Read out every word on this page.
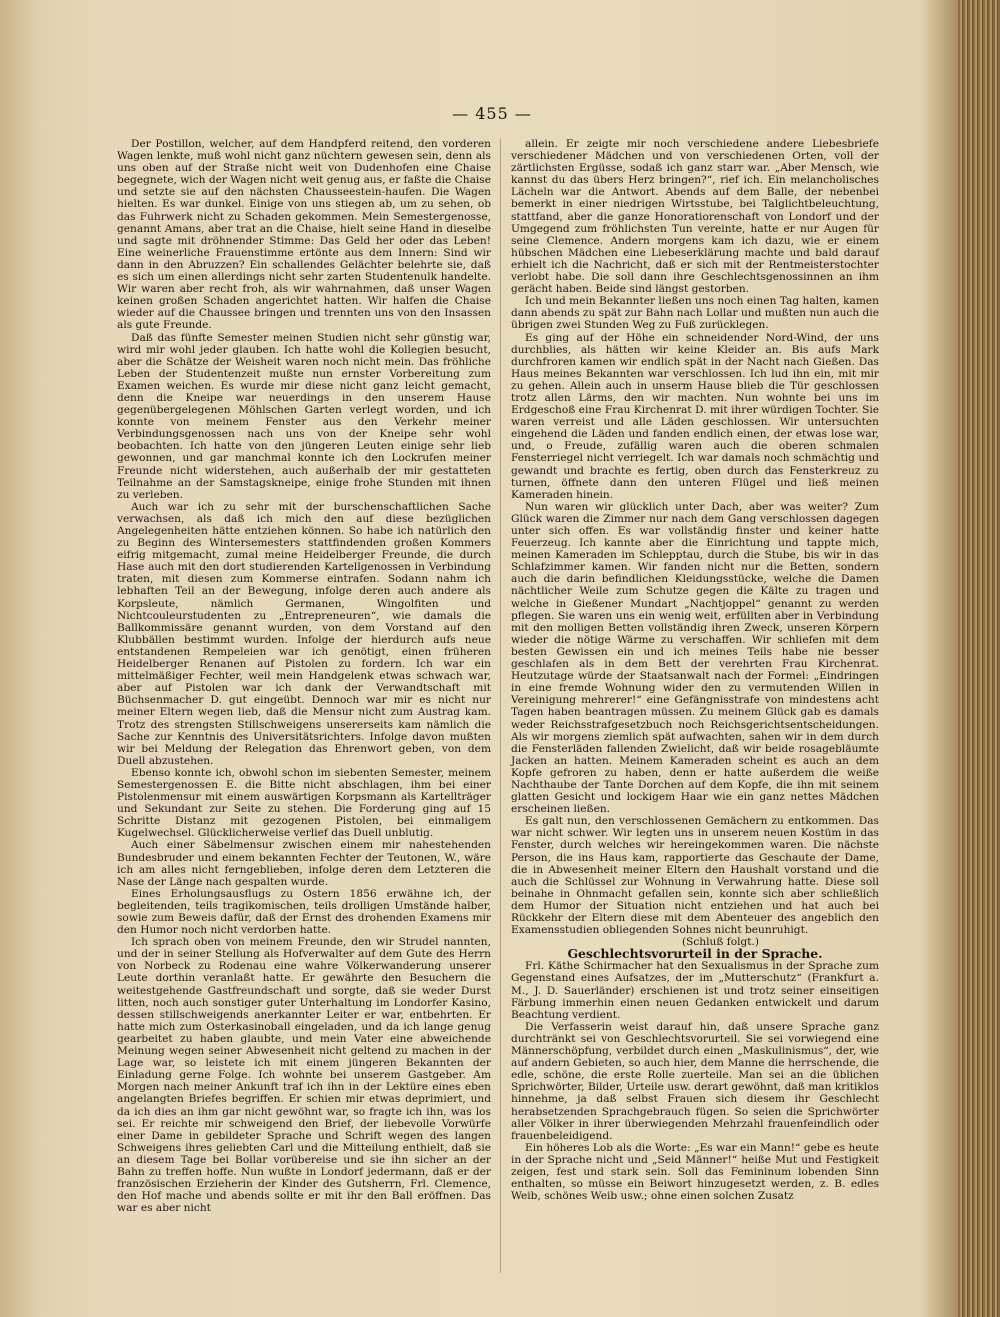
— 455 —

Der Postillon, welcher, auf dem Handpferd reitend, den vorderen Wagen lenkte, muß wohl nicht ganz nüchtern gewesen sein, denn als uns oben auf der Straße nicht weit von Dudenhofen eine Chaise begegnete, wich der Wagen nicht weit genug aus, er faßte die Chaise und setzte sie auf den nächsten Chausseestein-haufen. Die Wagen hielten. Es war dunkel. Einige von uns stiegen ab, um zu sehen, ob das Fuhrwerk nicht zu Schaden gekommen. Mein Semestergenosse, genannt Amans, aber trat an die Chaise, hielt seine Hand in dieselbe und sagte mit dröhnender Stimme: Das Geld her oder das Leben! Eine weinerliche Frauenstimme ertönte aus dem Innern: Sind wir dann in den Abruzzen? Ein schallendes Gelächter belehrte sie, daß es sich um einen allerdings nicht sehr zarten Studentenulk handelte. Wir waren aber recht froh, als wir wahrnahmen, daß unser Wagen keinen großen Schaden angerichtet hatten. Wir halfen die Chaise wieder auf die Chaussee bringen und trennten uns von den Insassen als gute Freunde.

Daß das fünfte Semester meinen Studien nicht sehr günstig war, wird mir wohl jeder glauben. Ich hatte wohl die Kollegien besucht, aber die Schätze der Weisheit waren noch nicht mein. Das fröhliche Leben der Studentenzeit mußte nun ernster Vorbereitung zum Examen weichen. Es wurde mir diese nicht ganz leicht gemacht, denn die Kneipe war neuerdings in den unserem Hause gegenübergelegenen Möhlschen Garten verlegt worden, und ich konnte von meinem Fenster aus den Verkehr meiner Verbindungsgenossen nach uns von der Kneipe sehr wohl beobachten. Ich hatte von den jüngeren Leuten einige sehr lieb gewonnen, und gar manchmal konnte ich den Lockrufen meiner Freunde nicht widerstehen, auch außerhalb der mir gestatteten Teilnahme an der Samstagskneipe, einige frohe Stunden mit ihnen zu verleben.

Auch war ich zu sehr mit der burschenschaftlichen Sache verwachsen, als daß ich mich den auf diese bezüglichen Angelegenheiten hätte entziehen können. So habe ich natürlich den zu Beginn des Wintersemesters stattfindenden großen Kommers eifrig mitgemacht, zumal meine Heidelberger Freunde, die durch Hase auch mit den dort studierenden Kartellgenossen in Verbindung traten, mit diesen zum Kommerse eintrafen. Sodann nahm ich lebhaften Teil an der Bewegung, infolge deren auch andere als Korpsleute, nämlich Germanen, Wingolfiten und Nichtcouleurstudenten zu „Entrepreneuren“, wie damals die Ballkommissäre genannt wurden, von dem Vorstand auf den Klubbällen bestimmt wurden. Infolge der hierdurch aufs neue entstandenen Rempeleien war ich genötigt, einen früheren Heidelberger Renanen auf Pistolen zu fordern. Ich war ein mittelmäßiger Fechter, weil mein Handgelenk etwas schwach war, aber auf Pistolen war ich dank der Verwandtschaft mit Büchsenmacher D. gut eingeübt. Dennoch war mir es nicht nur meiner Eltern wegen lieb, daß die Mensur nicht zum Austrag kam. Trotz des strengsten Stillschweigens unsererseits kam nämlich die Sache zur Kenntnis des Universitätsrichters. Infolge davon mußten wir bei Meldung der Relegation das Ehrenwort geben, von dem Duell abzustehen.

Ebenso konnte ich, obwohl schon im siebenten Semester, meinem Semestergenossen E. die Bitte nicht abschlagen, ihm bei einer Pistolenmensur mit einem auswärtigen Korpsmann als Kartellträger und Sekundant zur Seite zu stehen. Die Forderung ging auf 15 Schritte Distanz mit gezogenen Pistolen, bei einmaligem Kugelwechsel. Glücklicherweise verlief das Duell unblutig.

Auch einer Säbelmensur zwischen einem mir nahestehenden Bundesbruder und einem bekannten Fechter der Teutonen, W., wäre ich am alles nicht ferngeblieben, infolge deren dem Letzteren die Nase der Länge nach gespalten wurde.

Eines Erholungsausflugs zu Ostern 1856 erwähne ich, der begleitenden, teils tragikomischen, teils drolligen Umstände halber, sowie zum Beweis dafür, daß der Ernst des drohenden Examens mir den Humor noch nicht verdorben hatte.

Ich sprach oben von meinem Freunde, den wir Strudel nannten, und der in seiner Stellung als Hofverwalter auf dem Gute des Herrn von Norbeck zu Rodenau eine wahre Völkerwanderung unserer Leute dorthin veranlaßt hatte. Er gewährte den Besuchern die weitestgehende Gastfreundschaft und sorgte, daß sie weder Durst litten, noch auch sonstiger guter Unterhaltung im Londorfer Kasino, dessen stillschweigends anerkannter Leiter er war, entbehrten. Er hatte mich zum Osterkasinoball eingeladen, und da ich lange genug gearbeitet zu haben glaubte, und mein Vater eine abweichende Meinung wegen seiner Abwesenheit nicht geltend zu machen in der Lage war, so leistete ich mit einem jüngeren Bekannten der Einladung gerne Folge. Ich wohnte bei unserem Gastgeber. Am Morgen nach meiner Ankunft traf ich ihn in der Lektüre eines eben angelangten Briefes begriffen. Er schien mir etwas deprimiert, und da ich dies an ihm gar nicht gewöhnt war, so fragte ich ihn, was los sei. Er reichte mir schweigend den Brief, der liebevolle Vorwürfe einer Dame in gebildeter Sprache und Schrift wegen des langen Schweigens ihres geliebten Carl und die Mitteilung enthielt, daß sie an diesem Tage bei Bollar vorübereise und sie ihn sicher an der Bahn zu treffen hoffe. Nun wußte in Londorf jedermann, daß er der französischen Erzieherin der Kinder des Gutsherrn, Frl. Clemence, den Hof mache und abends sollte er mit ihr den Ball eröffnen. Das war es aber nicht

allein. Er zeigte mir noch verschiedene andere Liebesbriefe verschiedener Mädchen und von verschiedenen Orten, voll der zärtlichsten Ergüsse, sodaß ich ganz starr war. „Aber Mensch, wie kannst du das übers Herz bringen?“, rief ich. Ein melancholisches Lächeln war die Antwort. Abends auf dem Balle, der nebenbei bemerkt in einer niedrigen Wirtsstube, bei Talglichtbeleuchtung, stattfand, aber die ganze Honoratiorenschaft von Londorf und der Umgegend zum fröhlichsten Tun vereinte, hatte er nur Augen für seine Clemence. Andern morgens kam ich dazu, wie er einem hübschen Mädchen eine Liebeserklärung machte und bald darauf erhielt ich die Nachricht, daß er sich mit der Rentmeisterstochter verlobt habe. Die soll dann ihre Geschlechtsgenossinnen an ihm gerächt haben. Beide sind längst gestorben.

Ich und mein Bekannter ließen uns noch einen Tag halten, kamen dann abends zu spät zur Bahn nach Lollar und mußten nun auch die übrigen zwei Stunden Weg zu Fuß zurücklegen.

Es ging auf der Höhe ein schneidender Nord-Wind, der uns durchblies, als hätten wir keine Kleider an. Bis aufs Mark durchfroren kamen wir endlich spät in der Nacht nach Gießen. Das Haus meines Bekannten war verschlossen. Ich lud ihn ein, mit mir zu gehen. Allein auch in unserm Hause blieb die Tür geschlossen trotz allen Lärms, den wir machten. Nun wohnte bei uns im Erdgeschoß eine Frau Kirchenrat D. mit ihrer würdigen Tochter. Sie waren verreist und alle Läden geschlossen. Wir untersuchten eingehend die Läden und fanden endlich einen, der etwas lose war, und, o Freude, zufällig waren auch die oberen schmalen Fensterriegel nicht verriegelt. Ich war damals noch schmächtig und gewandt und brachte es fertig, oben durch das Fensterkreuz zu turnen, öffnete dann den unteren Flügel und ließ meinen Kameraden hinein.

Nun waren wir glücklich unter Dach, aber was weiter? Zum Glück waren die Zimmer nur nach dem Gang verschlossen dagegen unter sich offen. Es war vollständig finster und keiner hatte Feuerzeug. Ich kannte aber die Einrichtung und tappte mich, meinen Kameraden im Schlepptau, durch die Stube, bis wir in das Schlafzimmer kamen. Wir fanden nicht nur die Betten, sondern auch die darin befindlichen Kleidungsstücke, welche die Damen nächtlicher Weile zum Schutze gegen die Kälte zu tragen und welche in Gießener Mundart „Nachtjoppel“ genannt zu werden pflegen. Sie waren uns ein wenig weit, erfüllten aber in Verbindung mit den molligen Betten vollständig ihren Zweck, unseren Körpern wieder die nötige Wärme zu verschaffen. Wir schliefen mit dem besten Gewissen ein und ich meines Teils habe nie besser geschlafen als in dem Bett der verehrten Frau Kirchenrat. Heutzutage würde der Staatsanwalt nach der Formel: „Eindringen in eine fremde Wohnung wider den zu vermutenden Willen in Vereinigung mehrerer!“ eine Gefängnisstrafe von mindestens acht Tagen haben beantragen müssen. Zu meinem Glück gab es damals weder Reichsstrafgesetzbuch noch Reichsgerichtsentscheidungen. Als wir morgens ziemlich spät aufwachten, sahen wir in dem durch die Fensterläden fallenden Zwielicht, daß wir beide rosagebläumte Jacken an hatten. Meinem Kameraden scheint es auch an dem Kopfe gefroren zu haben, denn er hatte außerdem die weiße Nachthaube der Tante Dorchen auf dem Kopfe, die ihn mit seinem glatten Gesicht und lockigem Haar wie ein ganz nettes Mädchen erscheinen ließen.

Es galt nun, den verschlossenen Gemächern zu entkommen. Das war nicht schwer. Wir legten uns in unserem neuen Kostüm in das Fenster, durch welches wir hereingekommen waren. Die nächste Person, die ins Haus kam, rapportierte das Geschaute der Dame, die in Abwesenheit meiner Eltern den Haushalt vorstand und die auch die Schlüssel zur Wohnung in Verwahrung hatte. Diese soll beinahe in Ohnmacht gefallen sein, konnte sich aber schließlich dem Humor der Situation nicht entziehen und hat auch bei Rückkehr der Eltern diese mit dem Abenteuer des angeblich den Examensstudien obliegenden Sohnes nicht beunruhigt.

(Schluß folgt.)

Geschlechtsvorurteil in der Sprache.

Frl. Käthe Schirmacher hat den Sexualismus in der Sprache zum Gegenstand eines Aufsatzes, der im „Mutterschutz“ (Frankfurt a. M., J. D. Sauerländer) erschienen ist und trotz seiner einseitigen Färbung immerhin einen neuen Gedanken entwickelt und darum Beachtung verdient.

Die Verfasserin weist darauf hin, daß unsere Sprache ganz durchtränkt sei von Geschlechtsvorurteil. Sie sei vorwiegend eine Männerschöpfung, verbildet durch einen „Maskulinismus“, der, wie auf andern Gebieten, so auch hier, dem Manne die herrschende, die edle, schöne, die erste Rolle zuerteile. Man sei an die üblichen Sprichwörter, Bilder, Urteile usw. derart gewöhnt, daß man kritiklos hinnehme, ja daß selbst Frauen sich diesem ihr Geschlecht herabsetzenden Sprachgebrauch fügen. So seien die Sprichwörter aller Völker in ihrer überwiegenden Mehrzahl frauenfeindlich oder frauenbeleidigend.

Ein höheres Lob als die Worte: „Es war ein Mann!“ gebe es heute in der Sprache nicht und „Seid Männer!“ heiße Mut und Festigkeit zeigen, fest und stark sein. Soll das Femininum lobenden Sinn enthalten, so müsse ein Beiwort hinzugesetzt werden, z. B. edles Weib, schönes Weib usw.; ohne einen solchen Zusatz
